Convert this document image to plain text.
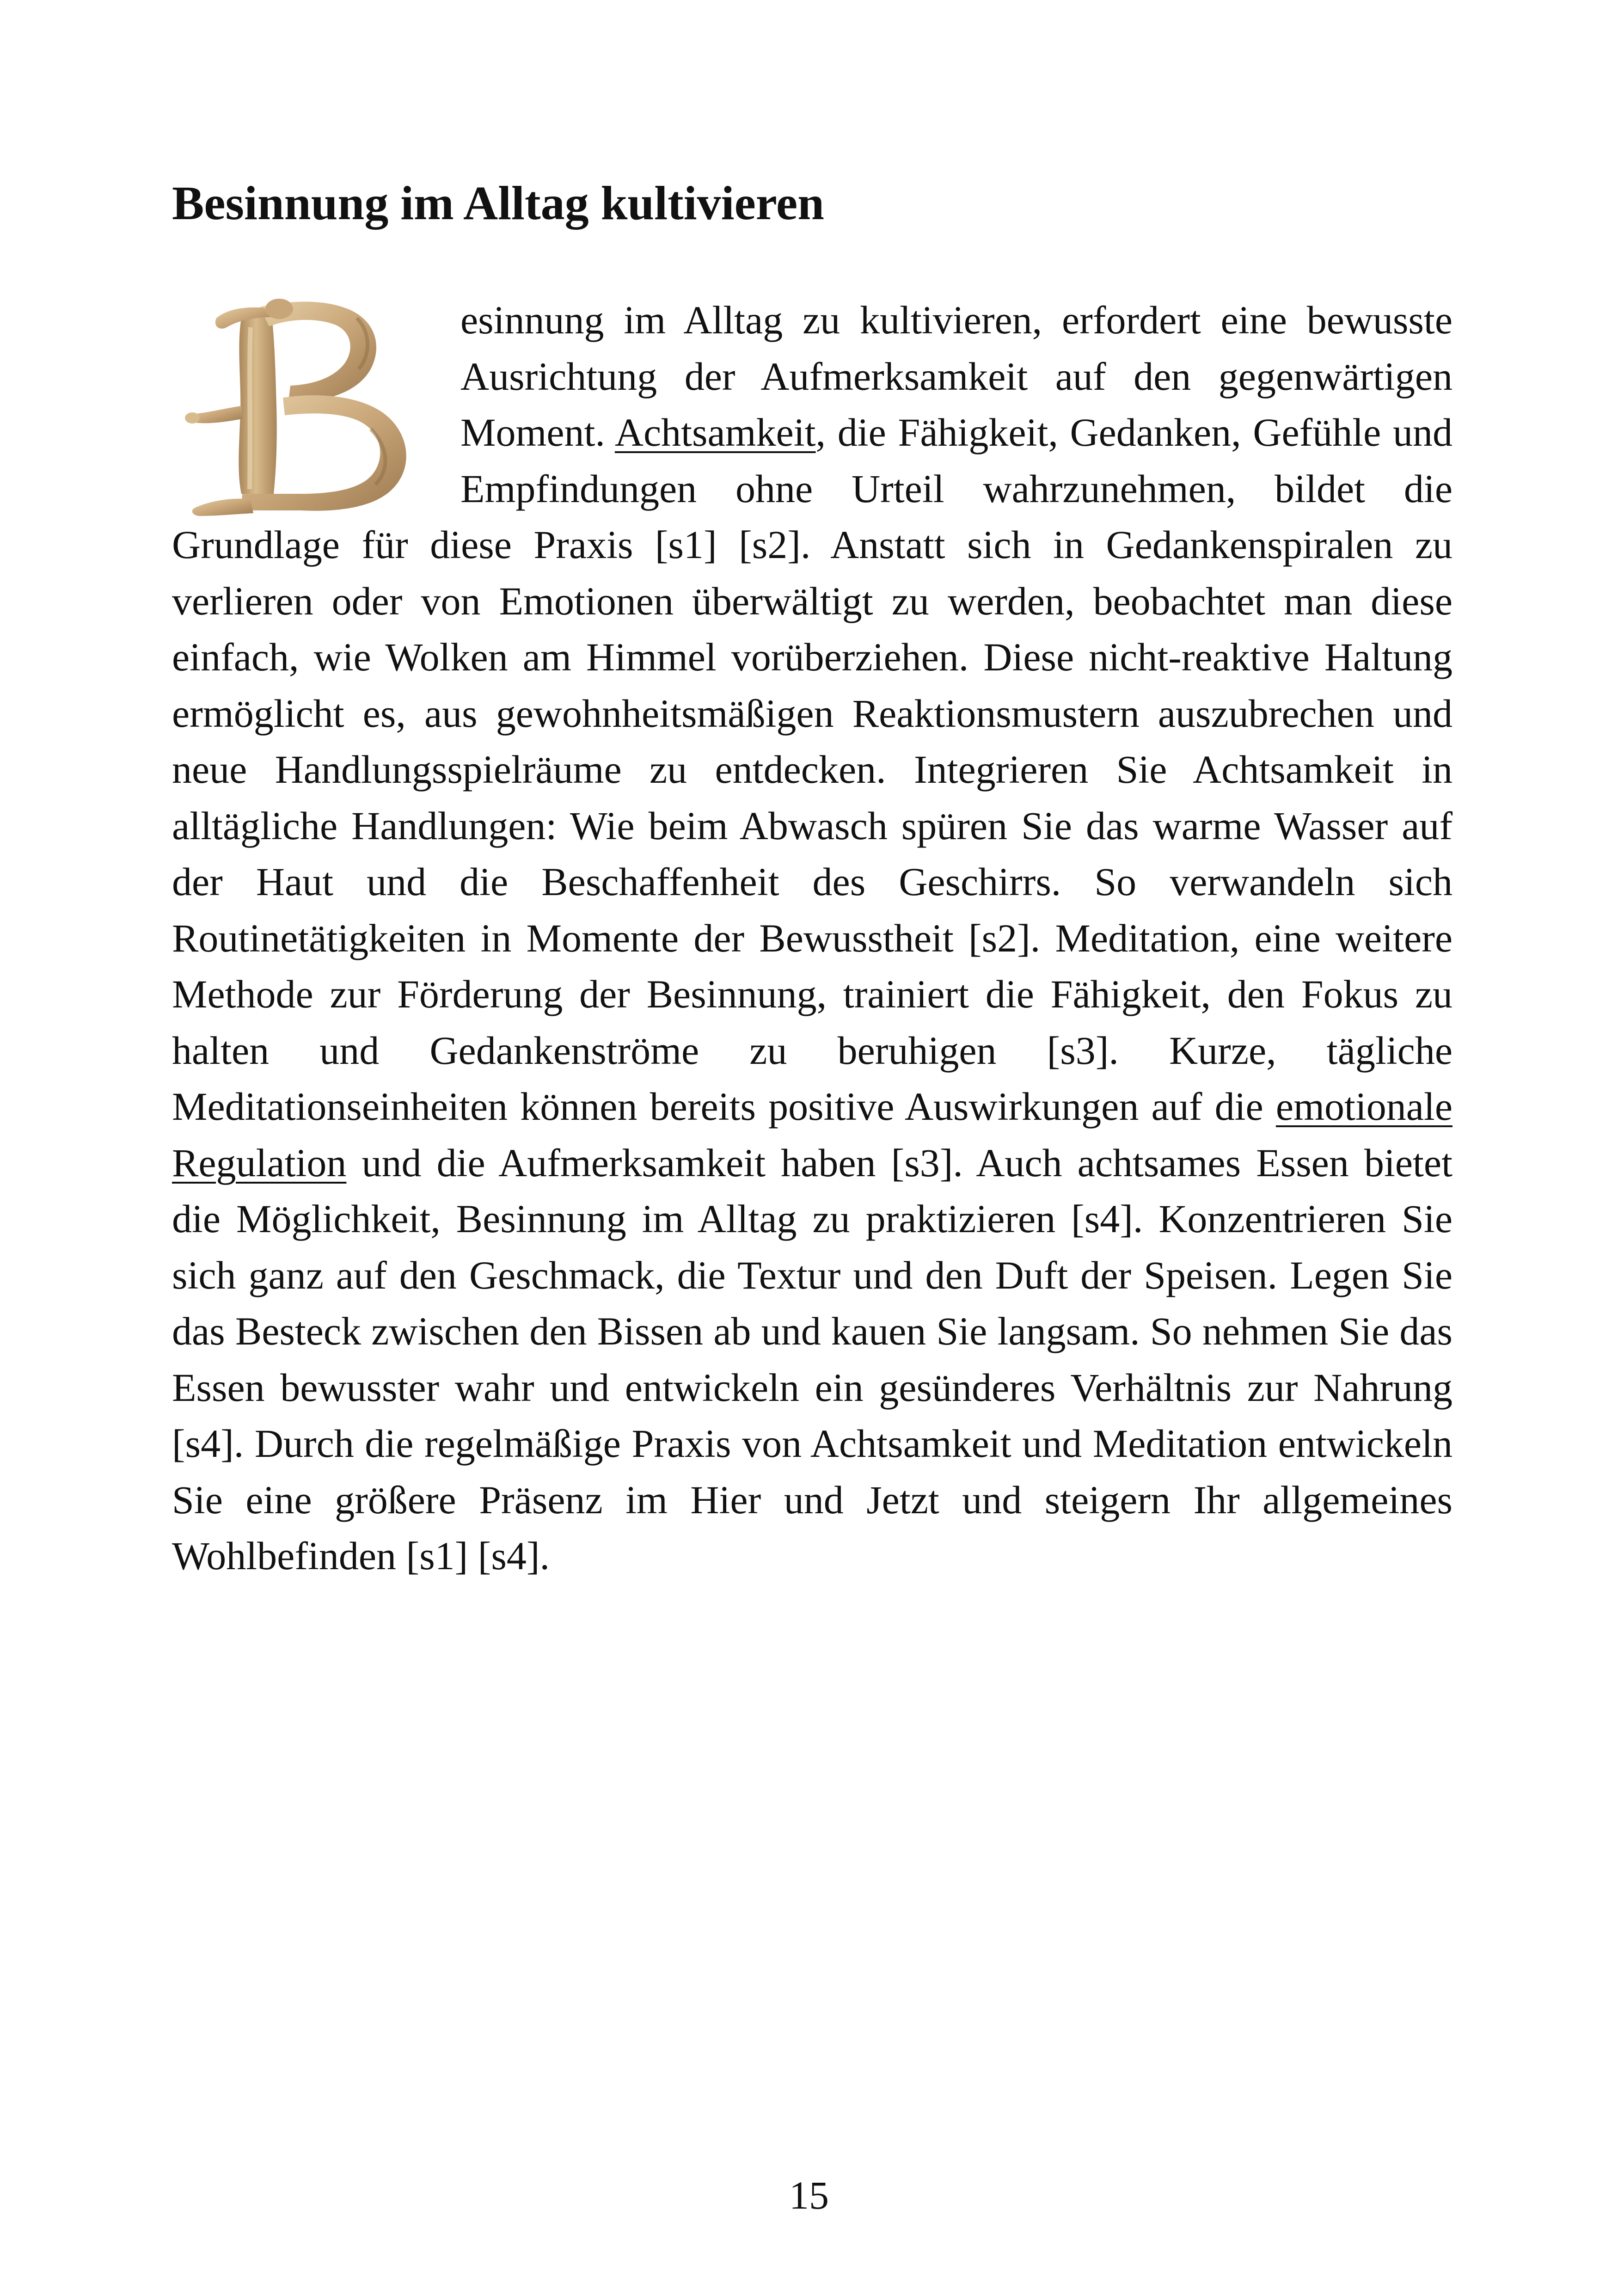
Besinnung im Alltag kultivieren
esinnung im Alltag zu kultivieren, erfordert eine bewusste Ausrichtung der Aufmerksamkeit auf den gegenwärtigen Moment. Achtsamkeit, die Fähigkeit, Gedanken, Gefühle und Empfindungen ohne Urteil wahrzunehmen, bildet die Grundlage für diese Praxis [s1] [s2]. Anstatt sich in Gedankenspiralen zu verlieren oder von Emotionen überwältigt zu werden, beobachtet man diese einfach, wie Wolken am Himmel vorüberziehen. Diese nicht-reaktive Haltung ermöglicht es, aus gewohnheitsmäßigen Reaktionsmustern auszubrechen und neue Handlungsspielräume zu entdecken. Integrieren Sie Achtsamkeit in alltägliche Handlungen: Wie beim Abwasch spüren Sie das warme Wasser auf der Haut und die Beschaffenheit des Geschirrs. So verwandeln sich Routinetätigkeiten in Momente der Bewusstheit [s2]. Meditation, eine weitere Methode zur Förderung der Besinnung, trainiert die Fähigkeit, den Fokus zu halten und Gedankenströme zu beruhigen [s3]. Kurze, tägliche Meditationseinheiten können bereits positive Auswirkungen auf die emotionale Regulation und die Aufmerksamkeit haben [s3]. Auch achtsames Essen bietet die Möglichkeit, Besinnung im Alltag zu praktizieren [s4]. Konzentrieren Sie sich ganz auf den Geschmack, die Textur und den Duft der Speisen. Legen Sie das Besteck zwischen den Bissen ab und kauen Sie langsam. So nehmen Sie das Essen bewusster wahr und entwickeln ein gesünderes Verhältnis zur Nahrung [s4]. Durch die regelmäßige Praxis von Achtsamkeit und Meditation entwickeln Sie eine größere Präsenz im Hier und Jetzt und steigern Ihr allgemeines Wohlbefinden [s1] [s4].
15
